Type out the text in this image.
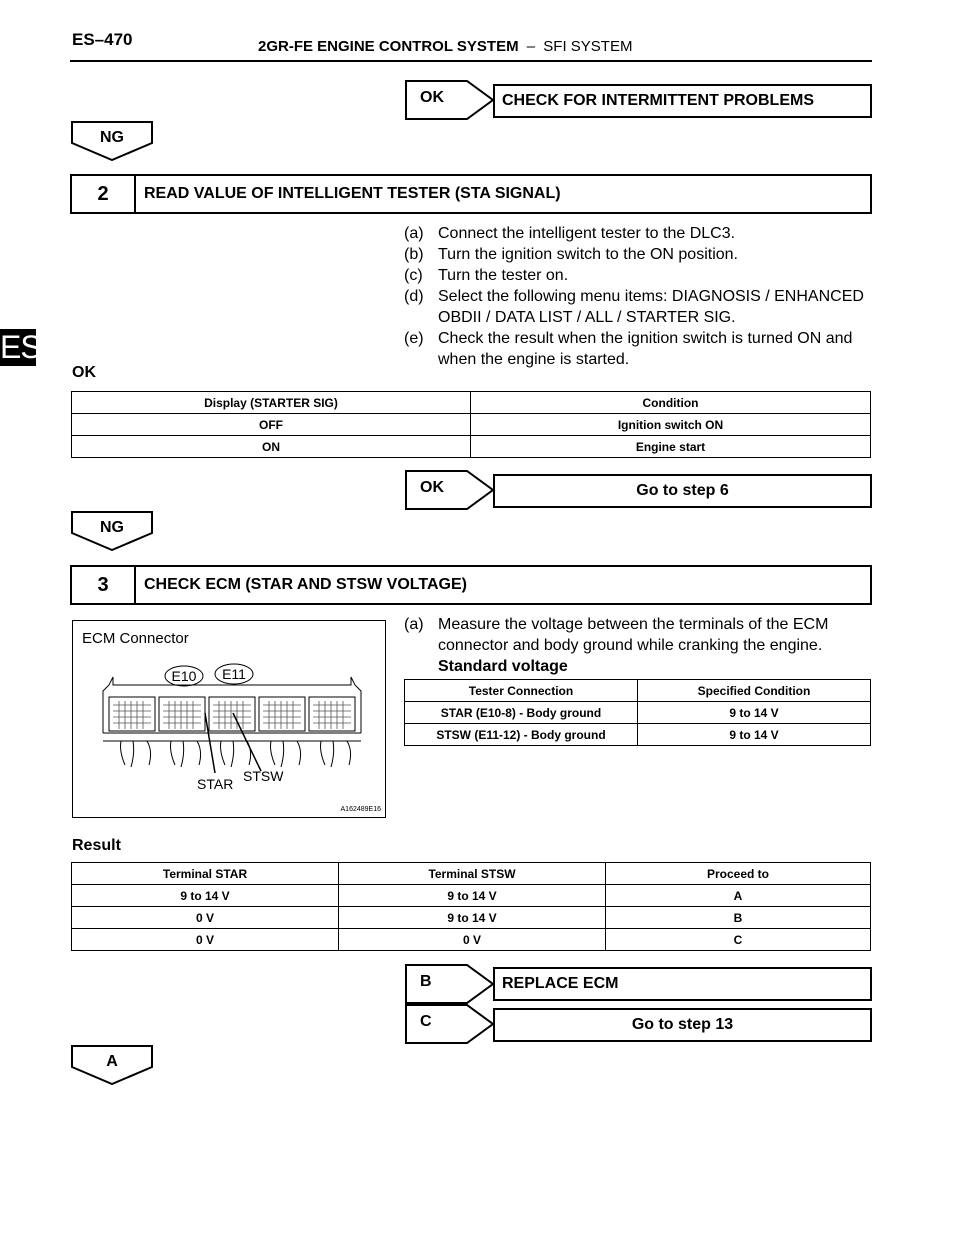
ES–470	2GR-FE ENGINE CONTROL SYSTEM – SFI SYSTEM
ES
OK	CHECK FOR INTERMITTENT PROBLEMS
NG
2	READ VALUE OF INTELLIGENT TESTER (STA SIGNAL)
(a) Connect the intelligent tester to the DLC3.
(b) Turn the ignition switch to the ON position.
(c) Turn the tester on.
(d) Select the following menu items: DIAGNOSIS / ENHANCED OBDII / DATA LIST / ALL / STARTER SIG.
(e) Check the result when the ignition switch is turned ON and when the engine is started.
OK
Display (STARTER SIG)	Condition
OFF	Ignition switch ON
ON	Engine start
OK	Go to step 6
NG
3	CHECK ECM (STAR AND STSW VOLTAGE)
ECM Connector
E10 E11
STAR STSW
A162489E16
(a) Measure the voltage between the terminals of the ECM connector and body ground while cranking the engine.
Standard voltage
Tester Connection	Specified Condition
STAR (E10-8) - Body ground	9 to 14 V
STSW (E11-12) - Body ground	9 to 14 V
Result
Terminal STAR	Terminal STSW	Proceed to
9 to 14 V	9 to 14 V	A
0 V	9 to 14 V	B
0 V	0 V	C
B	REPLACE ECM
C	Go to step 13
A
